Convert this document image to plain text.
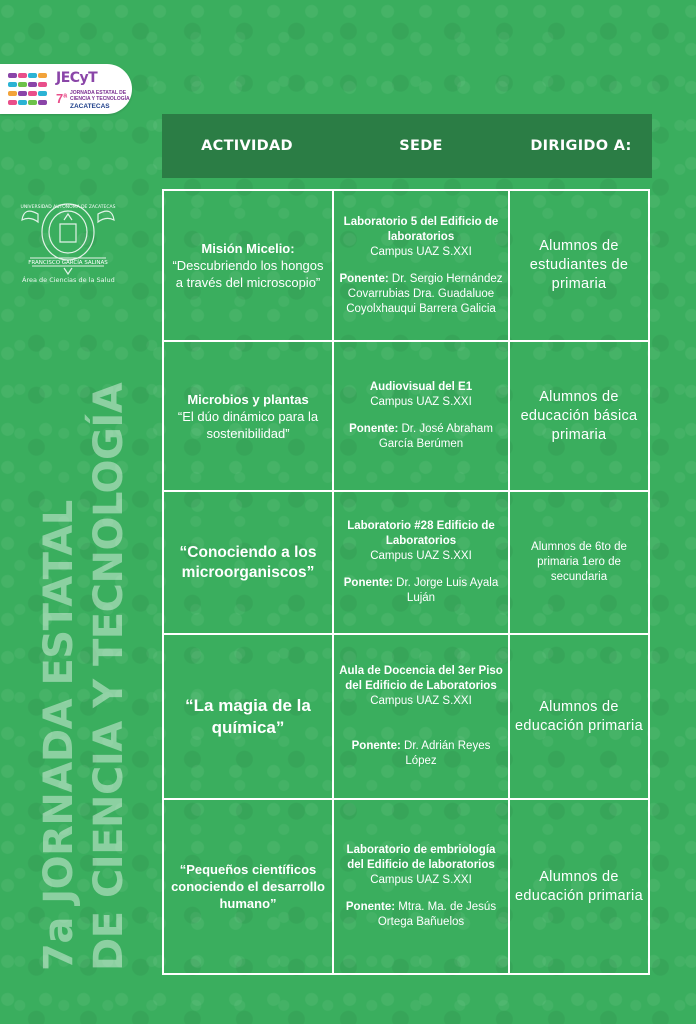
JECyT
7$^a$ JORNADA ESTATAL DE CIENCIA Y TECNOLOGÍA
ZACATECAS
FRANCISCO GARCÍA SALINAS
UNIVERSIDAD AUTÓNOMA DE ZACATECAS
Área de Ciencias de la Salud
7a JORNADA ESTATAL DE CIENCIA Y TECNOLOGÍA
ACTIVIDAD	SEDE	DIRIGIDO A:
Misión Micelio:
“Descubriendo los hongos a través del microscopio”
Laboratorio 5 del Edificio de laboratorios
Campus UAZ S.XXI
Ponente: Dr. Sergio Hernández Covarrubias Dra. Guadaluoe Coyolxhauqui Barrera Galicia
Alumnos de estudiantes de primaria
Microbios y plantas
“El dúo dinámico para la sostenibilidad”
Audiovisual del E1
Campus UAZ S.XXI
Ponente: Dr. José Abraham García Berúmen
Alumnos de educación básica primaria
“Conociendo a los microorganiscos”
Laboratorio #28 Edificio de Laboratorios
Campus UAZ S.XXI
Ponente: Dr. Jorge Luis Ayala Luján
Alumnos de 6to de primaria 1ero de secundaria
“La magia de la química”
Aula de Docencia del 3er Piso del Edificio de Laboratorios
Campus UAZ S.XXI
Ponente: Dr. Adrián Reyes López
Alumnos de educación primaria
“Pequeños científicos conociendo el desarrollo humano”
Laboratorio de embriología del Edificio de laboratorios
Campus UAZ S.XXI
Ponente: Mtra. Ma. de Jesús Ortega Bañuelos
Alumnos de educación primaria
